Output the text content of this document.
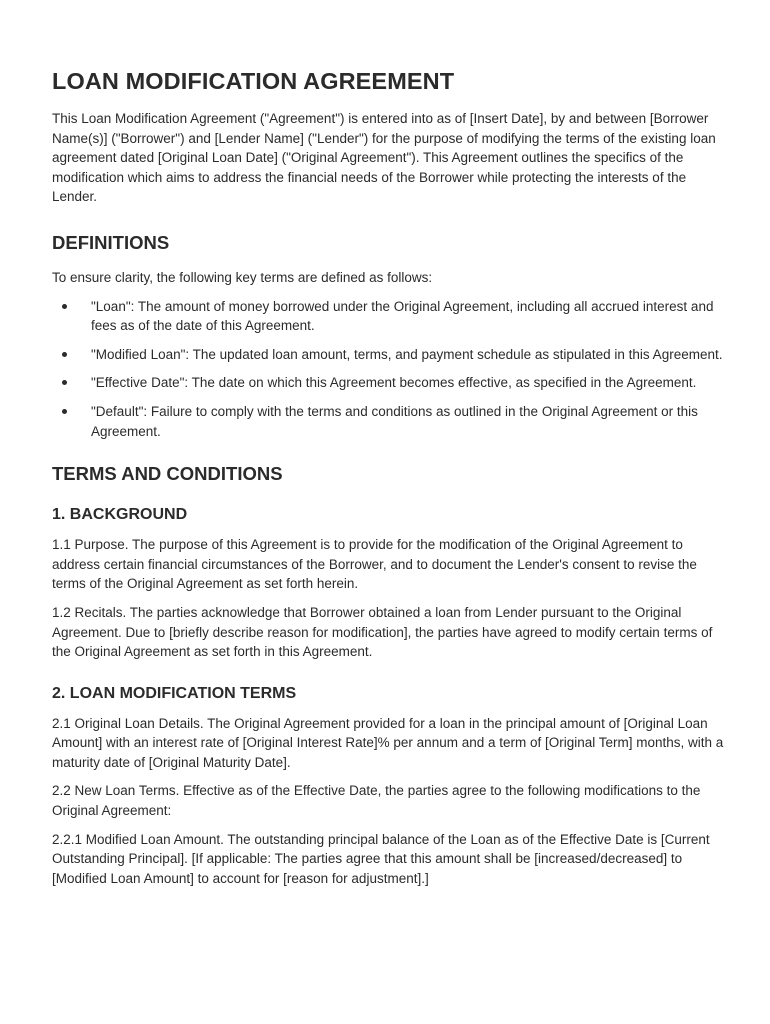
LOAN MODIFICATION AGREEMENT

This Loan Modification Agreement ("Agreement") is entered into as of [Insert Date], by and between [Borrower Name(s)] ("Borrower") and [Lender Name] ("Lender") for the purpose of modifying the terms of the existing loan agreement dated [Original Loan Date] ("Original Agreement"). This Agreement outlines the specifics of the modification which aims to address the financial needs of the Borrower while protecting the interests of the Lender.

DEFINITIONS

To ensure clarity, the following key terms are defined as follows:

"Loan": The amount of money borrowed under the Original Agreement, including all accrued interest and fees as of the date of this Agreement.
"Modified Loan": The updated loan amount, terms, and payment schedule as stipulated in this Agreement.
"Effective Date": The date on which this Agreement becomes effective, as specified in the Agreement.
"Default": Failure to comply with the terms and conditions as outlined in the Original Agreement or this Agreement.
TERMS AND CONDITIONS
1. BACKGROUND

1.1 Purpose. The purpose of this Agreement is to provide for the modification of the Original Agreement to address certain financial circumstances of the Borrower, and to document the Lender's consent to revise the terms of the Original Agreement as set forth herein.

1.2 Recitals. The parties acknowledge that Borrower obtained a loan from Lender pursuant to the Original Agreement. Due to [briefly describe reason for modification], the parties have agreed to modify certain terms of the Original Agreement as set forth in this Agreement.

2. LOAN MODIFICATION TERMS

2.1 Original Loan Details. The Original Agreement provided for a loan in the principal amount of [Original Loan Amount] with an interest rate of [Original Interest Rate]% per annum and a term of [Original Term] months, with a maturity date of [Original Maturity Date].

2.2 New Loan Terms. Effective as of the Effective Date, the parties agree to the following modifications to the Original Agreement:

2.2.1 Modified Loan Amount. The outstanding principal balance of the Loan as of the Effective Date is [Current Outstanding Principal]. [If applicable: The parties agree that this amount shall be [increased/decreased] to [Modified Loan Amount] to account for [reason for adjustment].]
